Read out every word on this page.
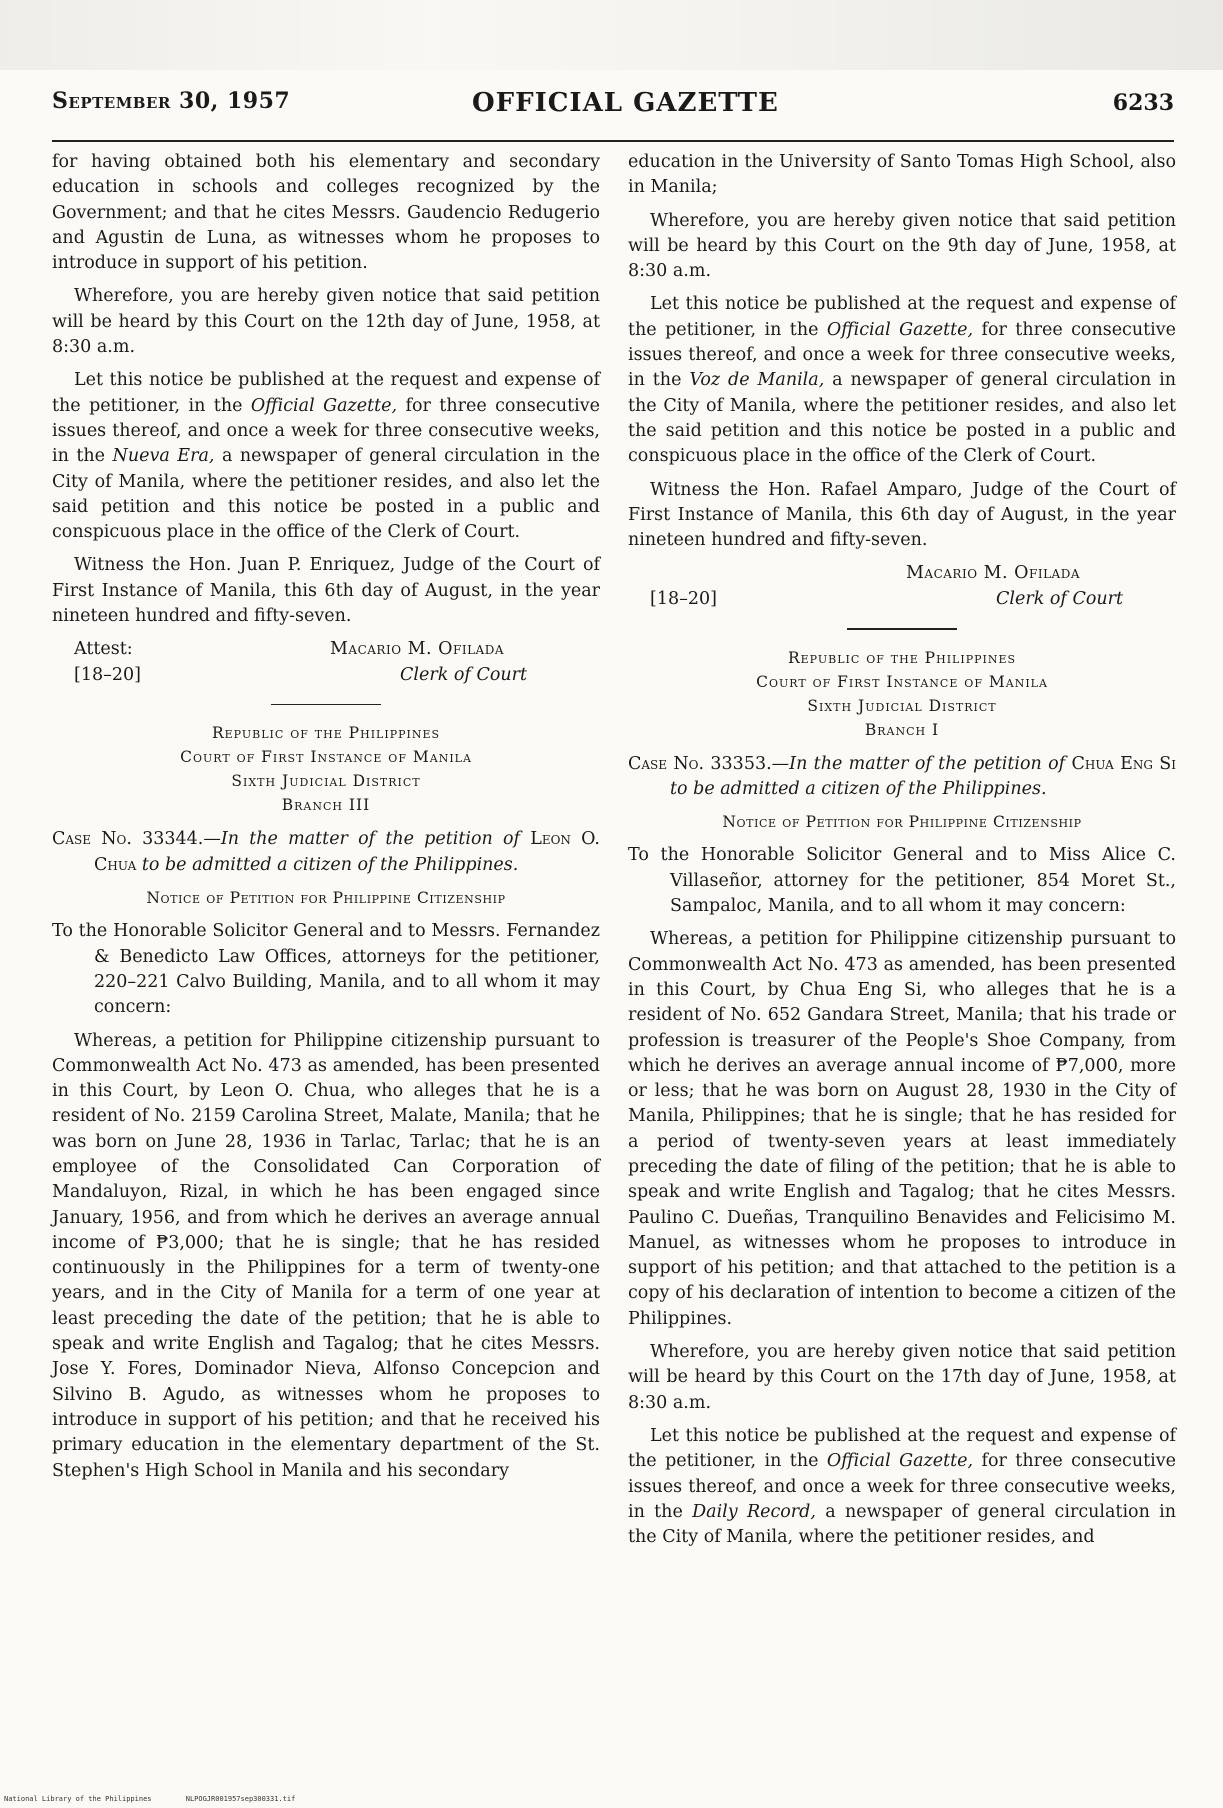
September 30, 1957	OFFICIAL GAZETTE	6233

for having obtained both his elementary and secondary education in schools and colleges recognized by the Government; and that he cites Messrs. Gaudencio Redugerio and Agustin de Luna, as witnesses whom he proposes to introduce in support of his petition.

Wherefore, you are hereby given notice that said petition will be heard by this Court on the 12th day of June, 1958, at 8:30 a.m.

Let this notice be published at the request and expense of the petitioner, in the Official Gazette, for three consecutive issues thereof, and once a week for three consecutive weeks, in the Nueva Era, a newspaper of general circulation in the City of Manila, where the petitioner resides, and also let the said petition and this notice be posted in a public and conspicuous place in the office of the Clerk of Court.

Witness the Hon. Juan P. Enriquez, Judge of the Court of First Instance of Manila, this 6th day of August, in the year nineteen hundred and fifty-seven.

Attest:	Macario M. Ofilada
[18–20]	Clerk of Court
Republic of the Philippines
Court of First Instance of Manila
Sixth Judicial District
Branch III

Case No. 33344.—In the matter of the petition of Leon O. Chua to be admitted a citizen of the Philippines.

Notice of Petition for Philippine Citizenship

To the Honorable Solicitor General and to Messrs. Fernandez & Benedicto Law Offices, attorneys for the petitioner, 220–221 Calvo Building, Manila, and to all whom it may concern:

Whereas, a petition for Philippine citizenship pursuant to Commonwealth Act No. 473 as amended, has been presented in this Court, by Leon O. Chua, who alleges that he is a resident of No. 2159 Carolina Street, Malate, Manila; that he was born on June 28, 1936 in Tarlac, Tarlac; that he is an employee of the Consolidated Can Corporation of Mandaluyon, Rizal, in which he has been engaged since January, 1956, and from which he derives an average annual income of ₱3,000; that he is single; that he has resided continuously in the Philippines for a term of twenty-one years, and in the City of Manila for a term of one year at least preceding the date of the petition; that he is able to speak and write English and Tagalog; that he cites Messrs. Jose Y. Fores, Dominador Nieva, Alfonso Concepcion and Silvino B. Agudo, as witnesses whom he proposes to introduce in support of his petition; and that he received his primary education in the elementary department of the St. Stephen's High School in Manila and his secondary

education in the University of Santo Tomas High School, also in Manila;

Wherefore, you are hereby given notice that said petition will be heard by this Court on the 9th day of June, 1958, at 8:30 a.m.

Let this notice be published at the request and expense of the petitioner, in the Official Gazette, for three consecutive issues thereof, and once a week for three consecutive weeks, in the Voz de Manila, a newspaper of general circulation in the City of Manila, where the petitioner resides, and also let the said petition and this notice be posted in a public and conspicuous place in the office of the Clerk of Court.

Witness the Hon. Rafael Amparo, Judge of the Court of First Instance of Manila, this 6th day of August, in the year nineteen hundred and fifty-seven.

Macario M. Ofilada
[18–20]	Clerk of Court
Republic of the Philippines
Court of First Instance of Manila
Sixth Judicial District
Branch I

Case No. 33353.—In the matter of the petition of Chua Eng Si to be admitted a citizen of the Philippines.

Notice of Petition for Philippine Citizenship

To the Honorable Solicitor General and to Miss Alice C. Villaseñor, attorney for the petitioner, 854 Moret St., Sampaloc, Manila, and to all whom it may concern:

Whereas, a petition for Philippine citizenship pursuant to Commonwealth Act No. 473 as amended, has been presented in this Court, by Chua Eng Si, who alleges that he is a resident of No. 652 Gandara Street, Manila; that his trade or profession is treasurer of the People's Shoe Company, from which he derives an average annual income of ₱7,000, more or less; that he was born on August 28, 1930 in the City of Manila, Philippines; that he is single; that he has resided for a period of twenty-seven years at least immediately preceding the date of filing of the petition; that he is able to speak and write English and Tagalog; that he cites Messrs. Paulino C. Dueñas, Tranquilino Benavides and Felicisimo M. Manuel, as witnesses whom he proposes to introduce in support of his petition; and that attached to the petition is a copy of his declaration of intention to become a citizen of the Philippines.

Wherefore, you are hereby given notice that said petition will be heard by this Court on the 17th day of June, 1958, at 8:30 a.m.

Let this notice be published at the request and expense of the petitioner, in the Official Gazette, for three consecutive issues thereof, and once a week for three consecutive weeks, in the Daily Record, a newspaper of general circulation in the City of Manila, where the petitioner resides, and

National Library of the Philippines	NLPOGJR001957sep300331.tif
